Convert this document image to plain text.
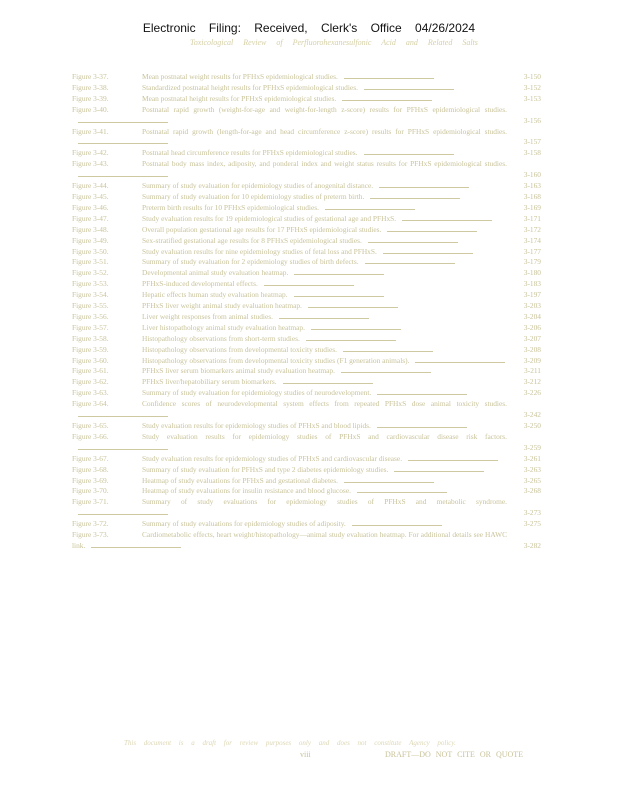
Electronic Filing: Received, Clerk's Office 04/26/2024
Toxicological Review of Perfluorohexanesulfonic Acid and Related Salts
Figure 3-37.	Mean postnatal weight results for PFHxS epidemiological studies.	3-150
Figure 3-38.	Standardized postnatal height results for PFHxS epidemiological studies.	3-152
Figure 3-39.	Mean postnatal height results for PFHxS epidemiological studies.	3-153
Figure 3-40.	Postnatal rapid growth (weight-for-age and weight-for-length z-score) results for PFHxS epidemiological studies.
3-156
Figure 3-41.	Postnatal rapid growth (length-for-age and head circumference z-score) results for PFHxS epidemiological studies.
3-157
Figure 3-42.	Postnatal head circumference results for PFHxS epidemiological studies.	3-158
Figure 3-43.	Postnatal body mass index, adiposity, and ponderal index and weight status results for PFHxS epidemiological studies.
3-160
Figure 3-44.	Summary of study evaluation for epidemiology studies of anogenital distance.	3-163
Figure 3-45.	Summary of study evaluation for 10 epidemiology studies of preterm birth.	3-168
Figure 3-46.	Preterm birth results for 10 PFHxS epidemiological studies.	3-169
Figure 3-47.	Study evaluation results for 19 epidemiological studies of gestational age and PFHxS.	3-171
Figure 3-48.	Overall population gestational age results for 17 PFHxS epidemiological studies.	3-172
Figure 3-49.	Sex-stratified gestational age results for 8 PFHxS epidemiological studies.	3-174
Figure 3-50.	Study evaluation results for nine epidemiology studies of fetal loss and PFHxS.	3-177
Figure 3-51.	Summary of study evaluation for 2 epidemiology studies of birth defects.	3-179
Figure 3-52.	Developmental animal study evaluation heatmap.	3-180
Figure 3-53.	PFHxS-induced developmental effects.	3-183
Figure 3-54.	Hepatic effects human study evaluation heatmap.	3-197
Figure 3-55.	PFHxS liver weight animal study evaluation heatmap.	3-203
Figure 3-56.	Liver weight responses from animal studies.	3-204
Figure 3-57.	Liver histopathology animal study evaluation heatmap.	3-206
Figure 3-58.	Histopathology observations from short-term studies.	3-207
Figure 3-59.	Histopathology observations from developmental toxicity studies.	3-208
Figure 3-60.	Histopathology observations from developmental toxicity studies (F1 generation animals).	3-209
Figure 3-61.	PFHxS liver serum biomarkers animal study evaluation heatmap.	3-211
Figure 3-62.	PFHxS liver/hepatobiliary serum biomarkers.	3-212
Figure 3-63.	Summary of study evaluation for epidemiology studies of neurodevelopment.	3-226
Figure 3-64.	Confidence scores of neurodevelopmental system effects from repeated PFHxS dose animal toxicity studies.
3-242
Figure 3-65.	Study evaluation results for epidemiology studies of PFHxS and blood lipids.	3-250
Figure 3-66.	Study evaluation results for epidemiology studies of PFHxS and cardiovascular disease risk factors.
3-259
Figure 3-67.	Study evaluation results for epidemiology studies of PFHxS and cardiovascular disease.	3-261
Figure 3-68.	Summary of study evaluation for PFHxS and type 2 diabetes epidemiology studies.	3-263
Figure 3-69.	Heatmap of study evaluations for PFHxS and gestational diabetes.	3-265
Figure 3-70.	Heatmap of study evaluations for insulin resistance and blood glucose.	3-268
Figure 3-71.	Summary of study evaluations for epidemiology studies of PFHxS and metabolic syndrome.
3-273
Figure 3-72.	Summary of study evaluations for epidemiology studies of adiposity.	3-275
Figure 3-73.	Cardiometabolic effects, heart weight/histopathology—animal study evaluation heatmap. For additional details see HAWC link.	3-282
This document is a draft for review purposes only and does not constitute Agency policy.
viii	DRAFT—DO NOT CITE OR QUOTE
